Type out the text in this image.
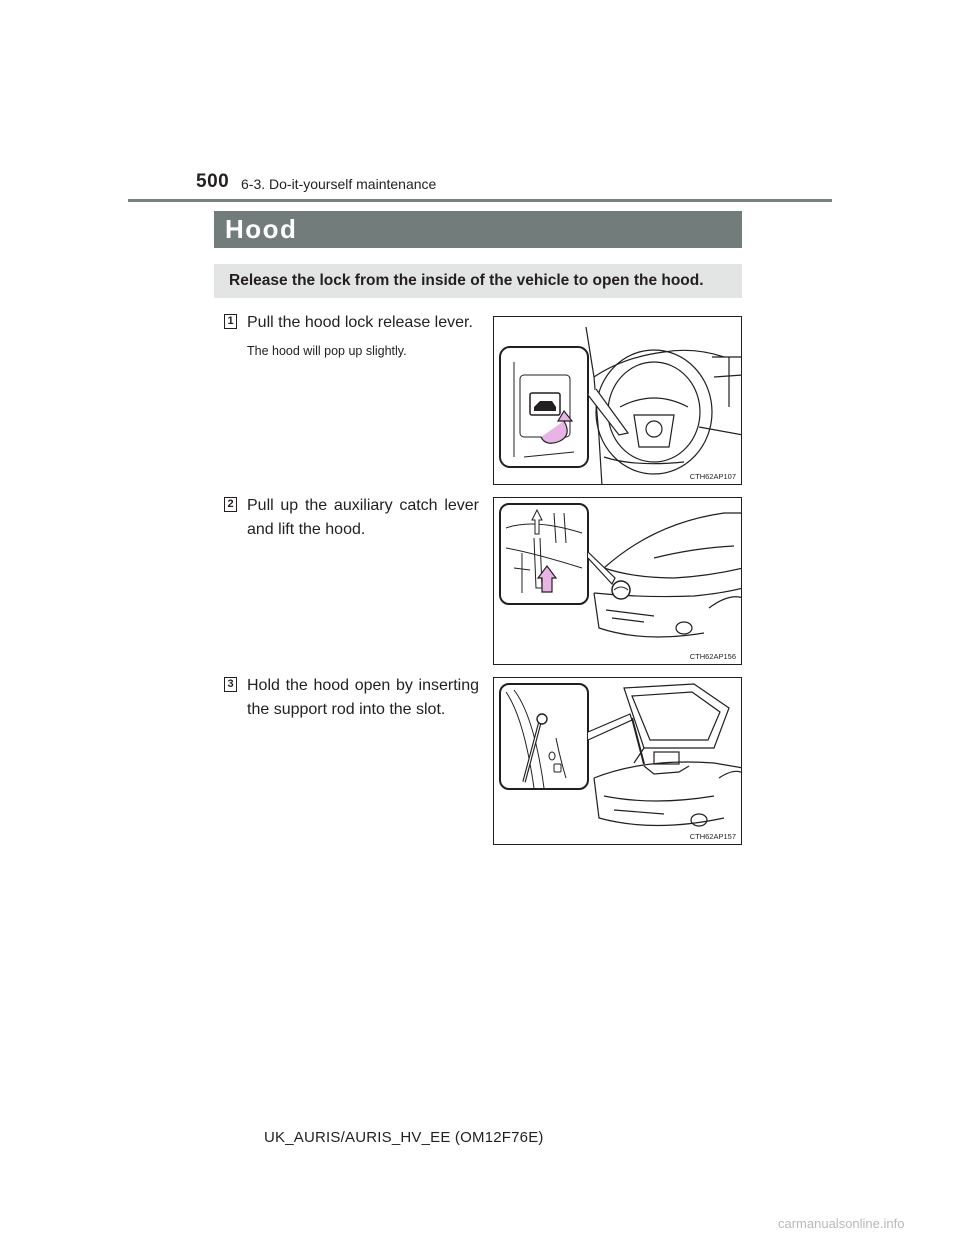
500 6-3. Do-it-yourself maintenance
Hood
Release the lock from the inside of the vehicle to open the hood.
1 Pull the hood lock release lever.
The hood will pop up slightly.
CTH62AP107
2 Pull up the auxiliary catch lever and lift the hood.
CTH62AP156
3 Hold the hood open by inserting the support rod into the slot.
CTH62AP157
UK_AURIS/AURIS_HV_EE (OM12F76E)
carmanualsonline.info
